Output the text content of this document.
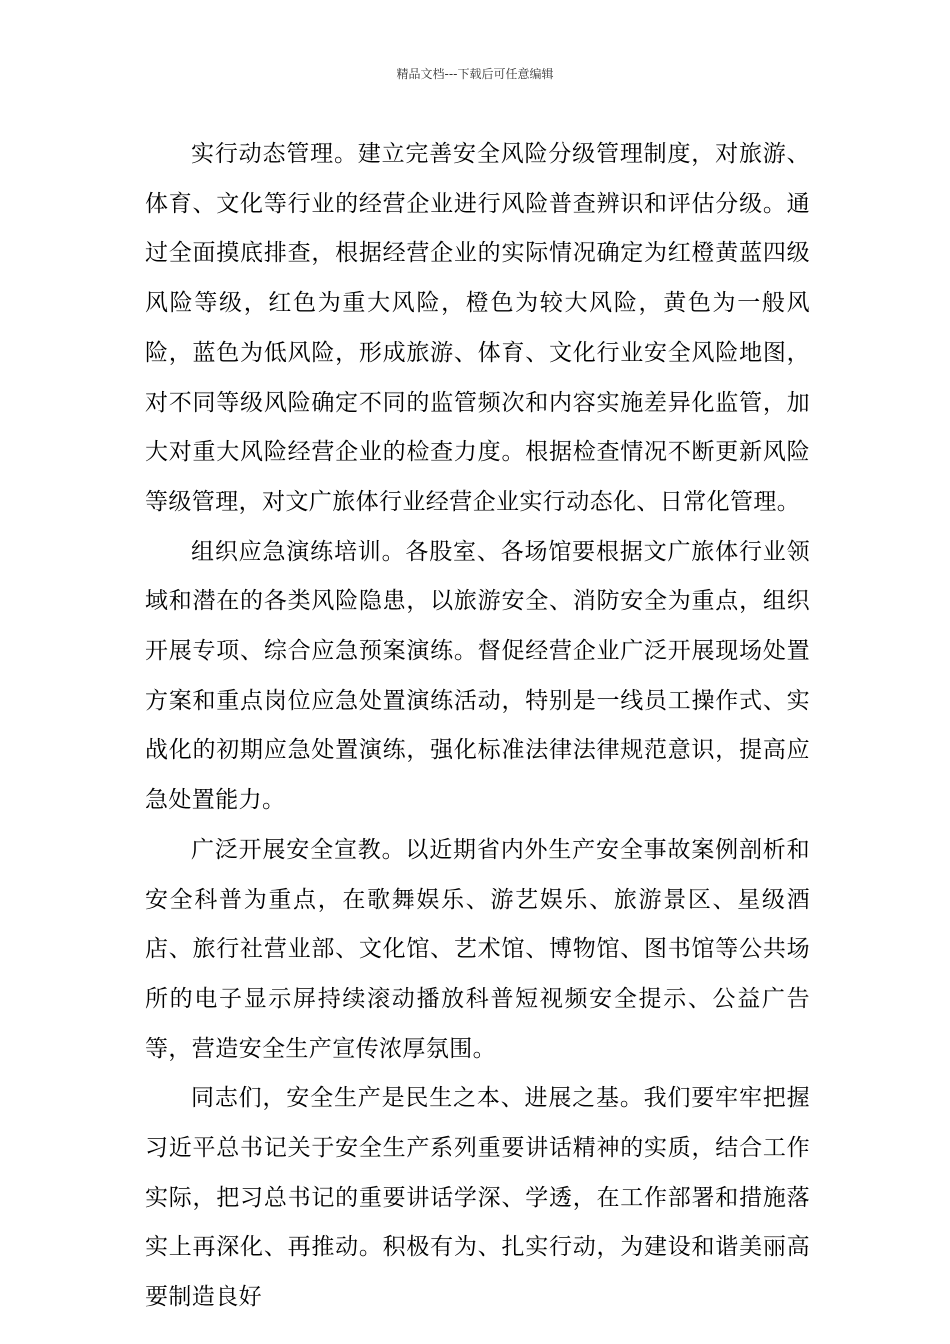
精品文档---下载后可任意编辑

实行动态管理。建立完善安全风险分级管理制度，对旅游、体育、文化等行业的经营企业进行风险普查辨识和评估分级。通过全面摸底排查，根据经营企业的实际情况确定为红橙黄蓝四级风险等级，红色为重大风险，橙色为较大风险，黄色为一般风险，蓝色为低风险，形成旅游、体育、文化行业安全风险地图，对不同等级风险确定不同的监管频次和内容实施差异化监管，加大对重大风险经营企业的检查力度。根据检查情况不断更新风险等级管理，对文广旅体行业经营企业实行动态化、日常化管理。

组织应急演练培训。各股室、各场馆要根据文广旅体行业领域和潜在的各类风险隐患，以旅游安全、消防安全为重点，组织开展专项、综合应急预案演练。督促经营企业广泛开展现场处置方案和重点岗位应急处置演练活动，特别是一线员工操作式、实战化的初期应急处置演练，强化标准法律法律规范意识，提高应急处置能力。

广泛开展安全宣教。以近期省内外生产安全事故案例剖析和安全科普为重点，在歌舞娱乐、游艺娱乐、旅游景区、星级酒店、旅行社营业部、文化馆、艺术馆、博物馆、图书馆等公共场所的电子显示屏持续滚动播放科普短视频安全提示、公益广告等，营造安全生产宣传浓厚氛围。

同志们，安全生产是民生之本、进展之基。我们要牢牢把握习近平总书记关于安全生产系列重要讲话精神的实质，结合工作实际，把习总书记的重要讲话学深、学透，在工作部署和措施落实上再深化、再推动。积极有为、扎实行动，为建设和谐美丽高要制造良好
